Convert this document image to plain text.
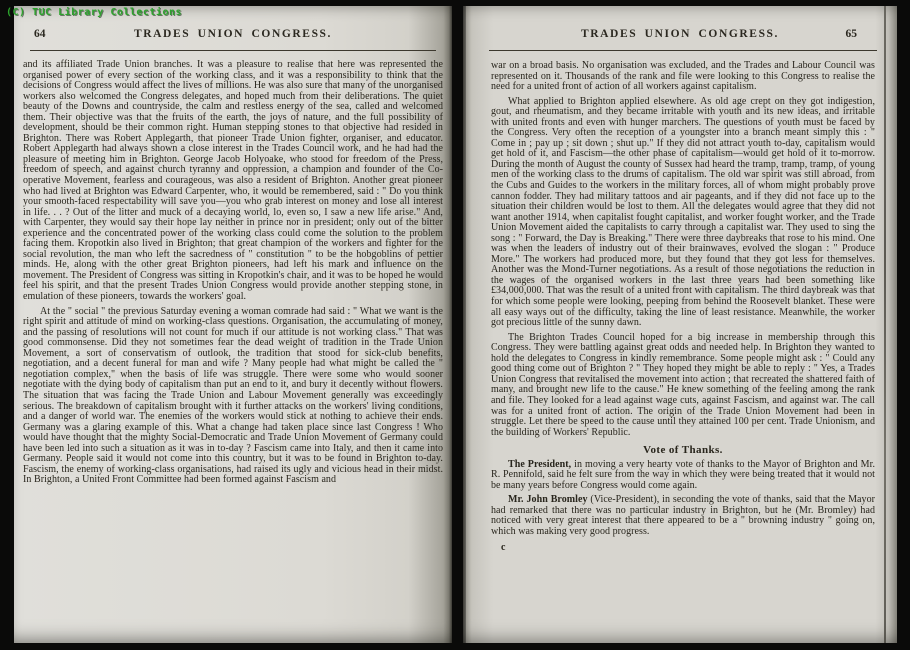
(C) TUC Library Collections
64	TRADES UNION CONGRESS.

and its affiliated Trade Union branches. It was a pleasure to realise that here was represented the organised power of every section of the working class, and it was a responsibility to think that the decisions of Congress would affect the lives of millions. He was also sure that many of the unorganised workers also welcomed the Congress delegates, and hoped much from their deliberations. The quiet beauty of the Downs and countryside, the calm and restless energy of the sea, called and welcomed them. Their objective was that the fruits of the earth, the joys of nature, and the full possibility of development, should be their common right. Human stepping stones to that objective had resided in Brighton. There was Robert Applegarth, that pioneer Trade Union fighter, organiser, and educator. Robert Applegarth had always shown a close interest in the Trades Council work, and he had had the pleasure of meeting him in Brighton. George Jacob Holyoake, who stood for freedom of the Press, freedom of speech, and against church tyranny and oppression, a champion and founder of the Co-operative Movement, fearless and courageous, was also a resident of Brighton. Another great pioneer who had lived at Brighton was Edward Carpenter, who, it would be remembered, said : " Do you think your smooth-faced respectability will save you—you who grab interest on money and lose all interest in life. . . ? Out of the litter and muck of a decaying world, lo, even so, I saw a new life arise." And, with Carpenter, they would say their hope lay neither in prince nor in president; only out of the bitter experience and the concentrated power of the working class could come the solution to the problem facing them. Kropotkin also lived in Brighton; that great champion of the workers and fighter for the social revolution, the man who left the sacredness of " constitution " to be the hobgoblins of pettier minds. He, along with the other great Brighton pioneers, had left his mark and influence on the movement. The President of Congress was sitting in Kropotkin's chair, and it was to be hoped he would feel his spirit, and that the present Trades Union Congress would provide another stepping stone, in emulation of these pioneers, towards the workers' goal.

At the " social " the previous Saturday evening a woman comrade had said : " What we want is the right spirit and attitude of mind on working-class questions. Organisation, the accumulating of money, and the passing of resolutions will not count for much if our attitude is not working class." That was good commonsense. Did they not sometimes fear the dead weight of tradition in the Trade Union Movement, a sort of conservatism of outlook, the tradition that stood for sick-club benefits, negotiation, and a decent funeral for man and wife ? Many people had what might be called the " negotiation complex," when the basis of life was struggle. There were some who would sooner negotiate with the dying body of capitalism than put an end to it, and bury it decently without flowers. The situation that was facing the Trade Union and Labour Movement generally was exceedingly serious. The breakdown of capitalism brought with it further attacks on the workers' living conditions, and a danger of world war. The enemies of the workers would stick at nothing to achieve their ends. Germany was a glaring example of this. What a change had taken place since last Congress ! Who would have thought that the mighty Social-Democratic and Trade Union Movement of Germany could have been led into such a situation as it was in to-day ? Fascism came into Italy, and then it came into Germany. People said it would not come into this country, but it was to be found in Brighton to-day. Fascism, the enemy of working-class organisations, had raised its ugly and vicious head in their midst. In Brighton, a United Front Committee had been formed against Fascism and

65
TRADES UNION CONGRESS.

war on a broad basis. No organisation was excluded, and the Trades and Labour Council was represented on it. Thousands of the rank and file were looking to this Congress to realise the need for a united front of action of all workers against capitalism.

What applied to Brighton applied elsewhere. As old age crept on they got indigestion, gout, and rheumatism, and they became irritable with youth and its new ideas, and irritable with united fronts and even with hunger marchers. The questions of youth must be faced by the Congress. Very often the reception of a youngster into a branch meant simply this : " Come in ; pay up ; sit down ; shut up." If they did not attract youth to-day, capitalism would get hold of it, and Fascism—the other phase of capitalism—would get hold of it to-morrow. During the month of August the county of Sussex had heard the tramp, tramp, tramp, of young men of the working class to the drums of capitalism. The old war spirit was still abroad, from the Cubs and Guides to the workers in the military forces, all of whom might probably prove cannon fodder. They had military tattoos and air pageants, and if they did not face up to the situation their children would be lost to them. All the delegates would agree that they did not want another 1914, when capitalist fought capitalist, and worker fought worker, and the Trade Union Movement aided the capitalists to carry through a capitalist war. They used to sing the song : " Forward, the Day is Breaking." There were three daybreaks that rose to his mind. One was when the leaders of industry out of their brainwaves, evolved the slogan : " Produce More." The workers had produced more, but they found that they got less for themselves. Another was the Mond-Turner negotiations. As a result of those negotiations the reduction in the wages of the organised workers in the last three years had been something like £34,000,000. That was the result of a united front with capitalism. The third daybreak was that for which some people were looking, peeping from behind the Roosevelt blanket. These were all easy ways out of the difficulty, taking the line of least resistance. Meanwhile, the worker got precious little of the sunny dawn.

The Brighton Trades Council hoped for a big increase in membership through this Congress. They were battling against great odds and needed help. In Brighton they wanted to hold the delegates to Congress in kindly remembrance. Some people might ask : " Could any good thing come out of Brighton ? " They hoped they might be able to reply : " Yes, a Trades Union Congress that revitalised the movement into action ; that recreated the shattered faith of many, and brought new life to the cause." He knew something of the feeling among the rank and file. They looked for a lead against wage cuts, against Fascism, and against war. The call was for a united front of action. The origin of the Trade Union Movement had been in struggle. Let there be speed to the cause until they attained 100 per cent. Trade Unionism, and the building of Workers' Republic.

Vote of Thanks.

The President, in moving a very hearty vote of thanks to the Mayor of Brighton and Mr. R. Pennifold, said he felt sure from the way in which they were being treated that it would not be many years before Congress would come again.

Mr. John Bromley (Vice-President), in seconding the vote of thanks, said that the Mayor had remarked that there was no particular industry in Brighton, but he (Mr. Bromley) had noticed with very great interest that there appeared to be a " browning industry " going on, which was making very good progress.

c
